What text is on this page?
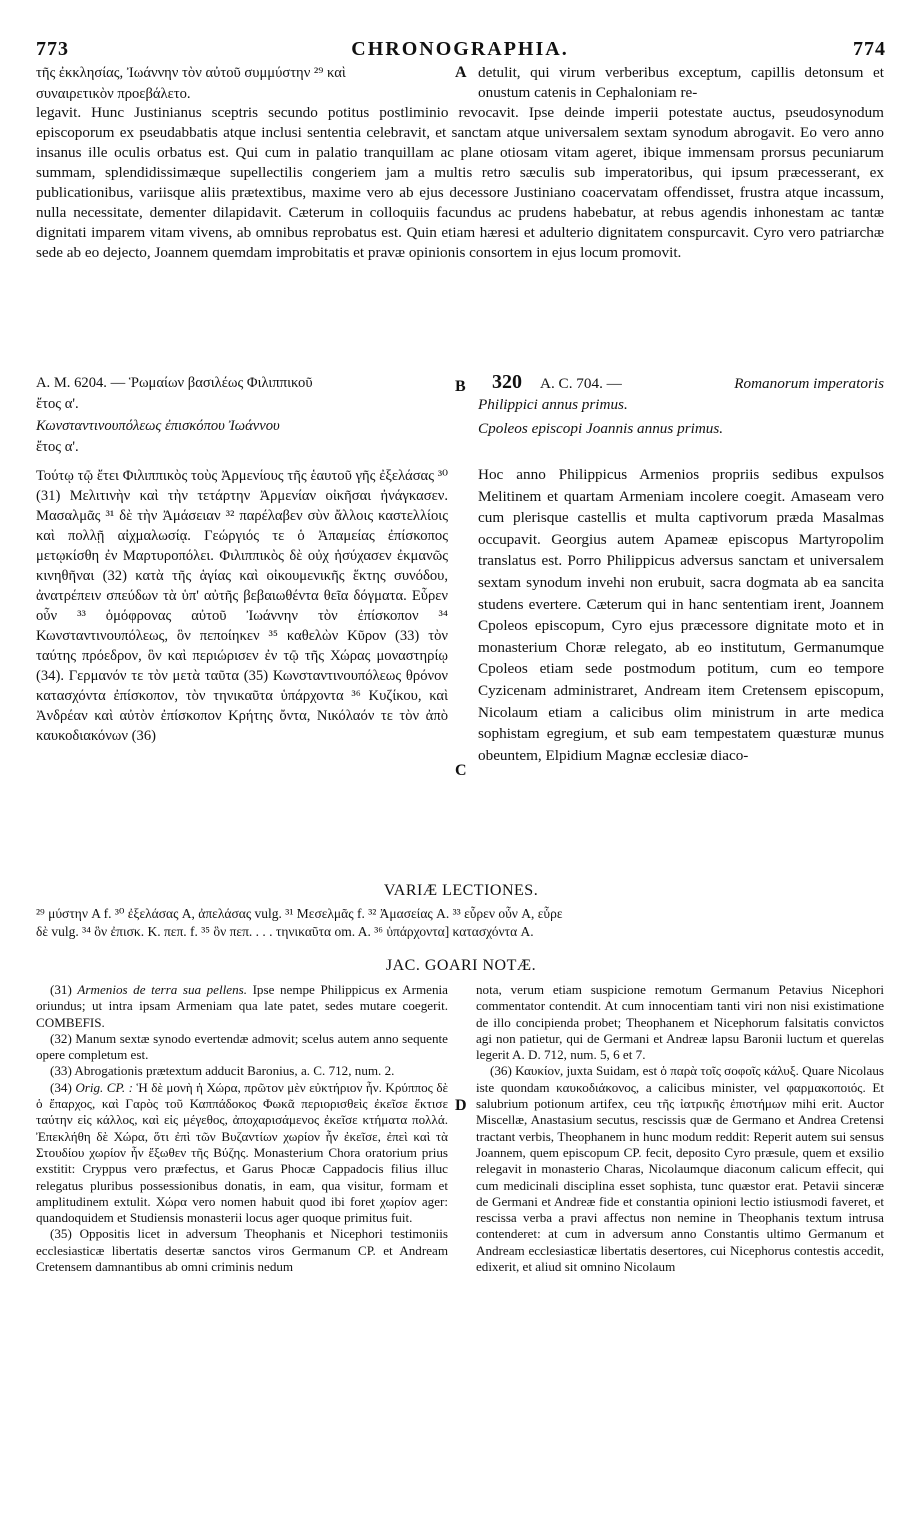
773	CHRONOGRAPHIA.	774
τῆς ἐκκλησίας, Ἰωάννην τὸν αὐτοῦ συμμύστην ²⁹ καὶ
συναιρετικὸν προεβάλετο.
A detulit, qui virum verberibus exceptum, capillis detonsum et onustum catenis in Cephaloniam re-
legavit. Hunc Justinianus sceptris secundo potitus postliminio revocavit. Ipse deinde imperii potestate auctus, pseudosynodum episcoporum ex pseudabbatis atque inclusi sententia celebravit, et sanctam atque universalem sextam synodum abrogavit. Eo vero anno insanus ille oculis orbatus est. Qui cum in palatio tranquillam ac plane otiosam vitam ageret, ibique immensam prorsus pecuniarum summam, splendidissimæque supellectilis congeriem jam a multis retro sæculis sub imperatoribus, qui ipsum præcesserant, ex publicationibus, variisque aliis prætextibus, maxime vero ab ejus decessore Justiniano coacervatam offendisset, frustra atque incassum, nulla necessitate, dementer dilapidavit. Cæterum in colloquiis facundus ac prudens habebatur, at rebus agendis inhonestam ac tantæ dignitati imparem vitam vivens, ab omnibus reprobatus est. Quin etiam hæresi et adulterio dignitatem conspurcavit. Cyro vero patriarchæ sede ab eo dejecto, Joannem quemdam improbitatis et pravæ opinionis consortem in ejus locum promovit.
A. M. 6204. — Ῥωμαίων βασιλέως Φιλιππικοῦ
ἔτος α'.
Κωνσταντινουπόλεως ἐπισκόπου Ἰωάννου
ἔτος α'.
B 320 A. C. 704. —	Romanorum imperatoris
Philippici annus primus.
Cpoleos episcopi Joannis annus primus.
Τούτῳ τῷ ἔτει Φιλιππικὸς τοὺς Ἀρμενίους τῆς ἑαυτοῦ γῆς ἐξελάσας ³⁰ (31) Μελιτινὴν καὶ τὴν τετάρτην Ἀρμενίαν οἰκῆσαι ἠνάγκασεν. Μασαλμᾶς ³¹ δὲ τὴν Ἀμάσειαν ³² παρέλαβεν σὺν ἄλλοις καστελλίοις καὶ πολλῇ αἰχμαλωσίᾳ. Γεώργιός τε ὁ Ἀπαμείας ἐπίσκοπος μετῳκίσθη ἐν Μαρτυροπόλει. Φιλιππικὸς δὲ οὐχ ἡσύχασεν ἐκμανῶς κινηθῆναι (32) κατὰ τῆς ἁγίας καὶ οἰκουμενικῆς ἕκτης συνόδου, ἀνατρέπειν σπεύδων τὰ ὑπ' αὐτῆς βεβαιωθέντα θεῖα δόγματα. Εὗρεν οὖν ³³ ὁμόφρονας αὐτοῦ Ἰωάννην τὸν ἐπίσκοπον ³⁴ Κωνσταντινουπόλεως, ὃν πεποίηκεν ³⁵ καθελὼν Κῦρον (33) τὸν ταύτης πρόεδρον, ὃν καὶ περιώρισεν ἐν τῷ τῆς Χώρας μοναστηρίῳ (34). Γερμανόν τε τὸν μετὰ ταῦτα (35) Κωνσταντινουπόλεως θρόνον κατασχόντα ἐπίσκοπον, τὸν τηνικαῦτα ὑπάρχοντα ³⁶ Κυζίκου, καὶ Ἀνδρέαν καὶ αὐτὸν ἐπίσκοπον Κρήτης ὄντα, Νικόλαόν τε τὸν ἀπὸ καυκοδιακόνων (36)
C
Hoc anno Philippicus Armenios propriis sedibus expulsos Melitinem et quartam Armeniam incolere coegit. Amaseam vero cum plerisque castellis et multa captivorum præda Masalmas occupavit. Georgius autem Apameæ episcopus Martyropolim translatus est. Porro Philippicus adversus sanctam et universalem sextam synodum invehi non erubuit, sacra dogmata ab ea sancita studens evertere. Cæterum qui in hanc sententiam irent, Joannem Cpoleos episcopum, Cyro ejus præcessore dignitate moto et in monasterium Choræ relegato, ab eo institutum, Germanumque Cpoleos etiam sede postmodum potitum, cum eo tempore Cyzicenam administraret, Andream item Cretensem episcopum, Nicolaum etiam a calicibus olim ministrum in arte medica sophistam egregium, et sub eam tempestatem quæsturæ munus obeuntem, Elpidium Magnæ ecclesiæ diaco-
VARIÆ LECTIONES.
²⁹ μύστην A f. ³⁰ ἐξελάσας A, ἀπελάσας vulg. ³¹ Μεσελμᾶς f. ³² Ἀμασείας A. ³³ εὗρεν οὖν A, εὗρε
δὲ vulg. ³⁴ ὃν ἐπισκ. K. πεπ. f. ³⁵ ὃν πεπ. . . . τηνικαῦτα om. A. ³⁶ ὑπάρχοντα] κατασχόντα A.
JAC. GOARI NOTÆ.

(31) Armenios de terra sua pellens. Ipse nempe Philippicus ex Armenia oriundus; ut intra ipsam Armeniam qua late patet, sedes mutare coegerit. COMBEFIS.

(32) Manum sextæ synodo evertendæ admovit; scelus autem anno sequente opere completum est.

(33) Abrogationis prætextum adducit Baronius, a. C. 712, num. 2.

(34) Orig. CP. : Ἡ δὲ μονὴ ἡ Χώρα, πρῶτον μὲν εὐκτήριον ἦν. Κρύππος δὲ ὁ ἔπαρχος, καὶ Γαρὸς τοῦ Καππάδοκος Φωκᾶ περιορισθεὶς ἐκεῖσε ἔκτισε ταύτην εἰς κάλλος, καὶ εἰς μέγεθος, ἀποχαρισάμενος ἐκεῖσε κτήματα πολλά. Ἐπεκλήθη δὲ Χώρα, ὅτι ἐπὶ τῶν Βυζαντίων χωρίον ἦν ἐκεῖσε, ἐπεὶ καὶ τὰ Στουδίου χωρίον ἦν ἔξωθεν τῆς Βύζης. Monasterium Chora oratorium prius exstitit: Cryppus vero præfectus, et Garus Phocæ Cappadocis filius illuc relegatus pluribus possessionibus donatis, in eam, qua visitur, formam et amplitudinem extulit. Χώρα vero nomen habuit quod ibi foret χωρίον ager: quandoquidem et Studiensis monasterii locus ager quoque primitus fuit.

(35) Oppositis licet in adversum Theophanis et Nicephori testimoniis ecclesiasticæ libertatis desertæ sanctos viros Germanum CP. et Andream Cretensem damnantibus ab omni criminis nedum

D

nota, verum etiam suspicione remotum Germanum Petavius Nicephori commentator contendit. At cum innocentiam tanti viri non nisi existimatione de illo concipienda probet; Theophanem et Nicephorum falsitatis convictos agi non patietur, qui de Germani et Andreæ lapsu Baronii luctum et querelas legerit A. D. 712, num. 5, 6 et 7.

(36) Καυκίον, juxta Suidam, est ὁ παρὰ τοῖς σοφοῖς κάλυξ. Quare Nicolaus iste quondam καυκοδιάκονος, a calicibus minister, vel φαρμακοποιός. Et salubrium potionum artifex, ceu τῆς ἰατρικῆς ἐπιστήμων mihi erit. Auctor Miscellæ, Anastasium secutus, rescissis quæ de Germano et Andrea Cretensi tractant verbis, Theophanem in hunc modum reddit: Reperit autem sui sensus Joannem, quem episcopum CP. fecit, deposito Cyro præsule, quem et exsilio relegavit in monasterio Charas, Nicolaumque diaconum calicum effecit, qui cum medicinali disciplina esset sophista, tunc quæstor erat. Petavii sinceræ de Germani et Andreæ fide et constantia opinioni lectio istiusmodi faveret, et rescissa verba a pravi affectus non nemine in Theophanis textum intrusa contenderet: at cum in adversum anno Constantis ultimo Germanum et Andream ecclesiasticæ libertatis desertores, cui Nicephorus contestis accedit, edixerit, et aliud sit omnino Nicolaum
